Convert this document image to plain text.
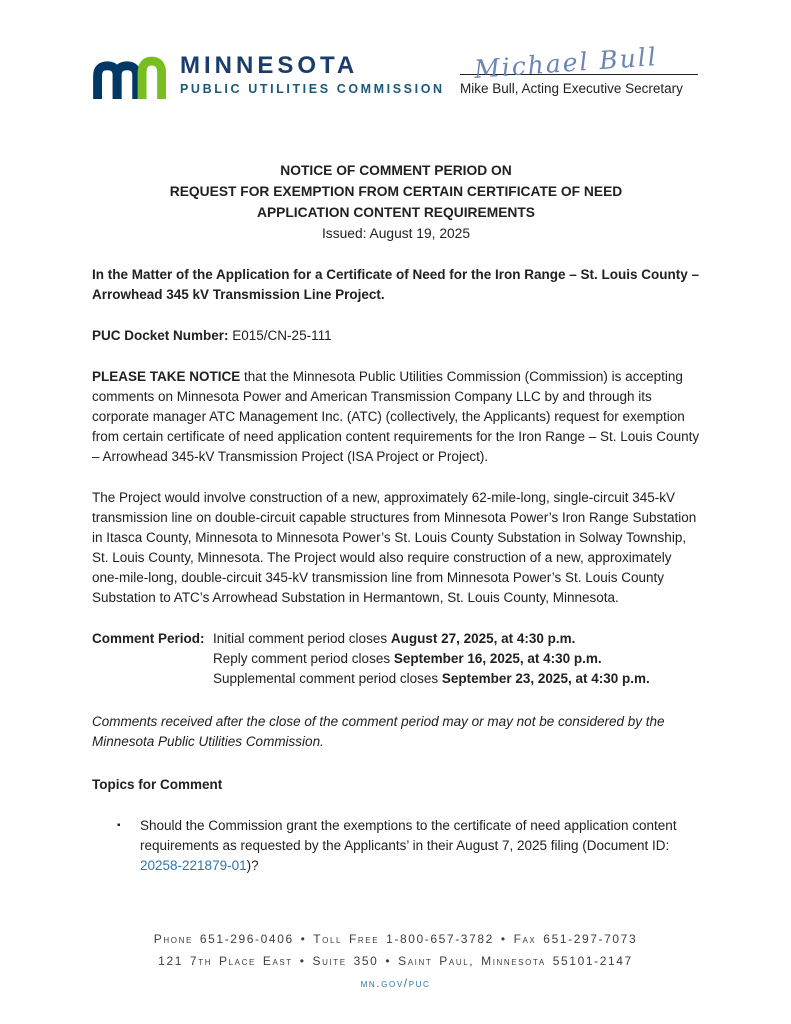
MINNESOTA
PUBLIC UTILITIES COMMISSION
Michael Bull
Mike Bull, Acting Executive Secretary
NOTICE OF COMMENT PERIOD ON
REQUEST FOR EXEMPTION FROM CERTAIN CERTIFICATE OF NEED
APPLICATION CONTENT REQUIREMENTS
Issued: August 19, 2025

In the Matter of the Application for a Certificate of Need for the Iron Range – St. Louis County – Arrowhead 345 kV Transmission Line Project.

PUC Docket Number: E015/CN-25-111

PLEASE TAKE NOTICE that the Minnesota Public Utilities Commission (Commission) is accepting comments on Minnesota Power and American Transmission Company LLC by and through its corporate manager ATC Management Inc. (ATC) (collectively, the Applicants) request for exemption from certain certificate of need application content requirements for the Iron Range – St. Louis County – Arrowhead 345-kV Transmission Project (ISA Project or Project).

The Project would involve construction of a new, approximately 62-mile-long, single-circuit 345-kV transmission line on double-circuit capable structures from Minnesota Power’s Iron Range Substation in Itasca County, Minnesota to Minnesota Power’s St. Louis County Substation in Solway Township, St. Louis County, Minnesota. The Project would also require construction of a new, approximately one-mile-long, double-circuit 345-kV transmission line from Minnesota Power’s St. Louis County Substation to ATC’s Arrowhead Substation in Hermantown, St. Louis County, Minnesota.

Comment Period: Initial comment period closes August 27, 2025, at 4:30 p.m.
Reply comment period closes September 16, 2025, at 4:30 p.m.
Supplemental comment period closes September 23, 2025, at 4:30 p.m.

Comments received after the close of the comment period may or may not be considered by the Minnesota Public Utilities Commission.

Topics for Comment

▪	Should the Commission grant the exemptions to the certificate of need application content requirements as requested by the Applicants’ in their August 7, 2025 filing (Document ID: 20258-221879-01)?
Phone 651-296-0406 • Toll Free 1-800-657-3782 • Fax 651-297-7073
121 7th Place East • Suite 350 • Saint Paul, Minnesota 55101-2147
mn.gov/puc
